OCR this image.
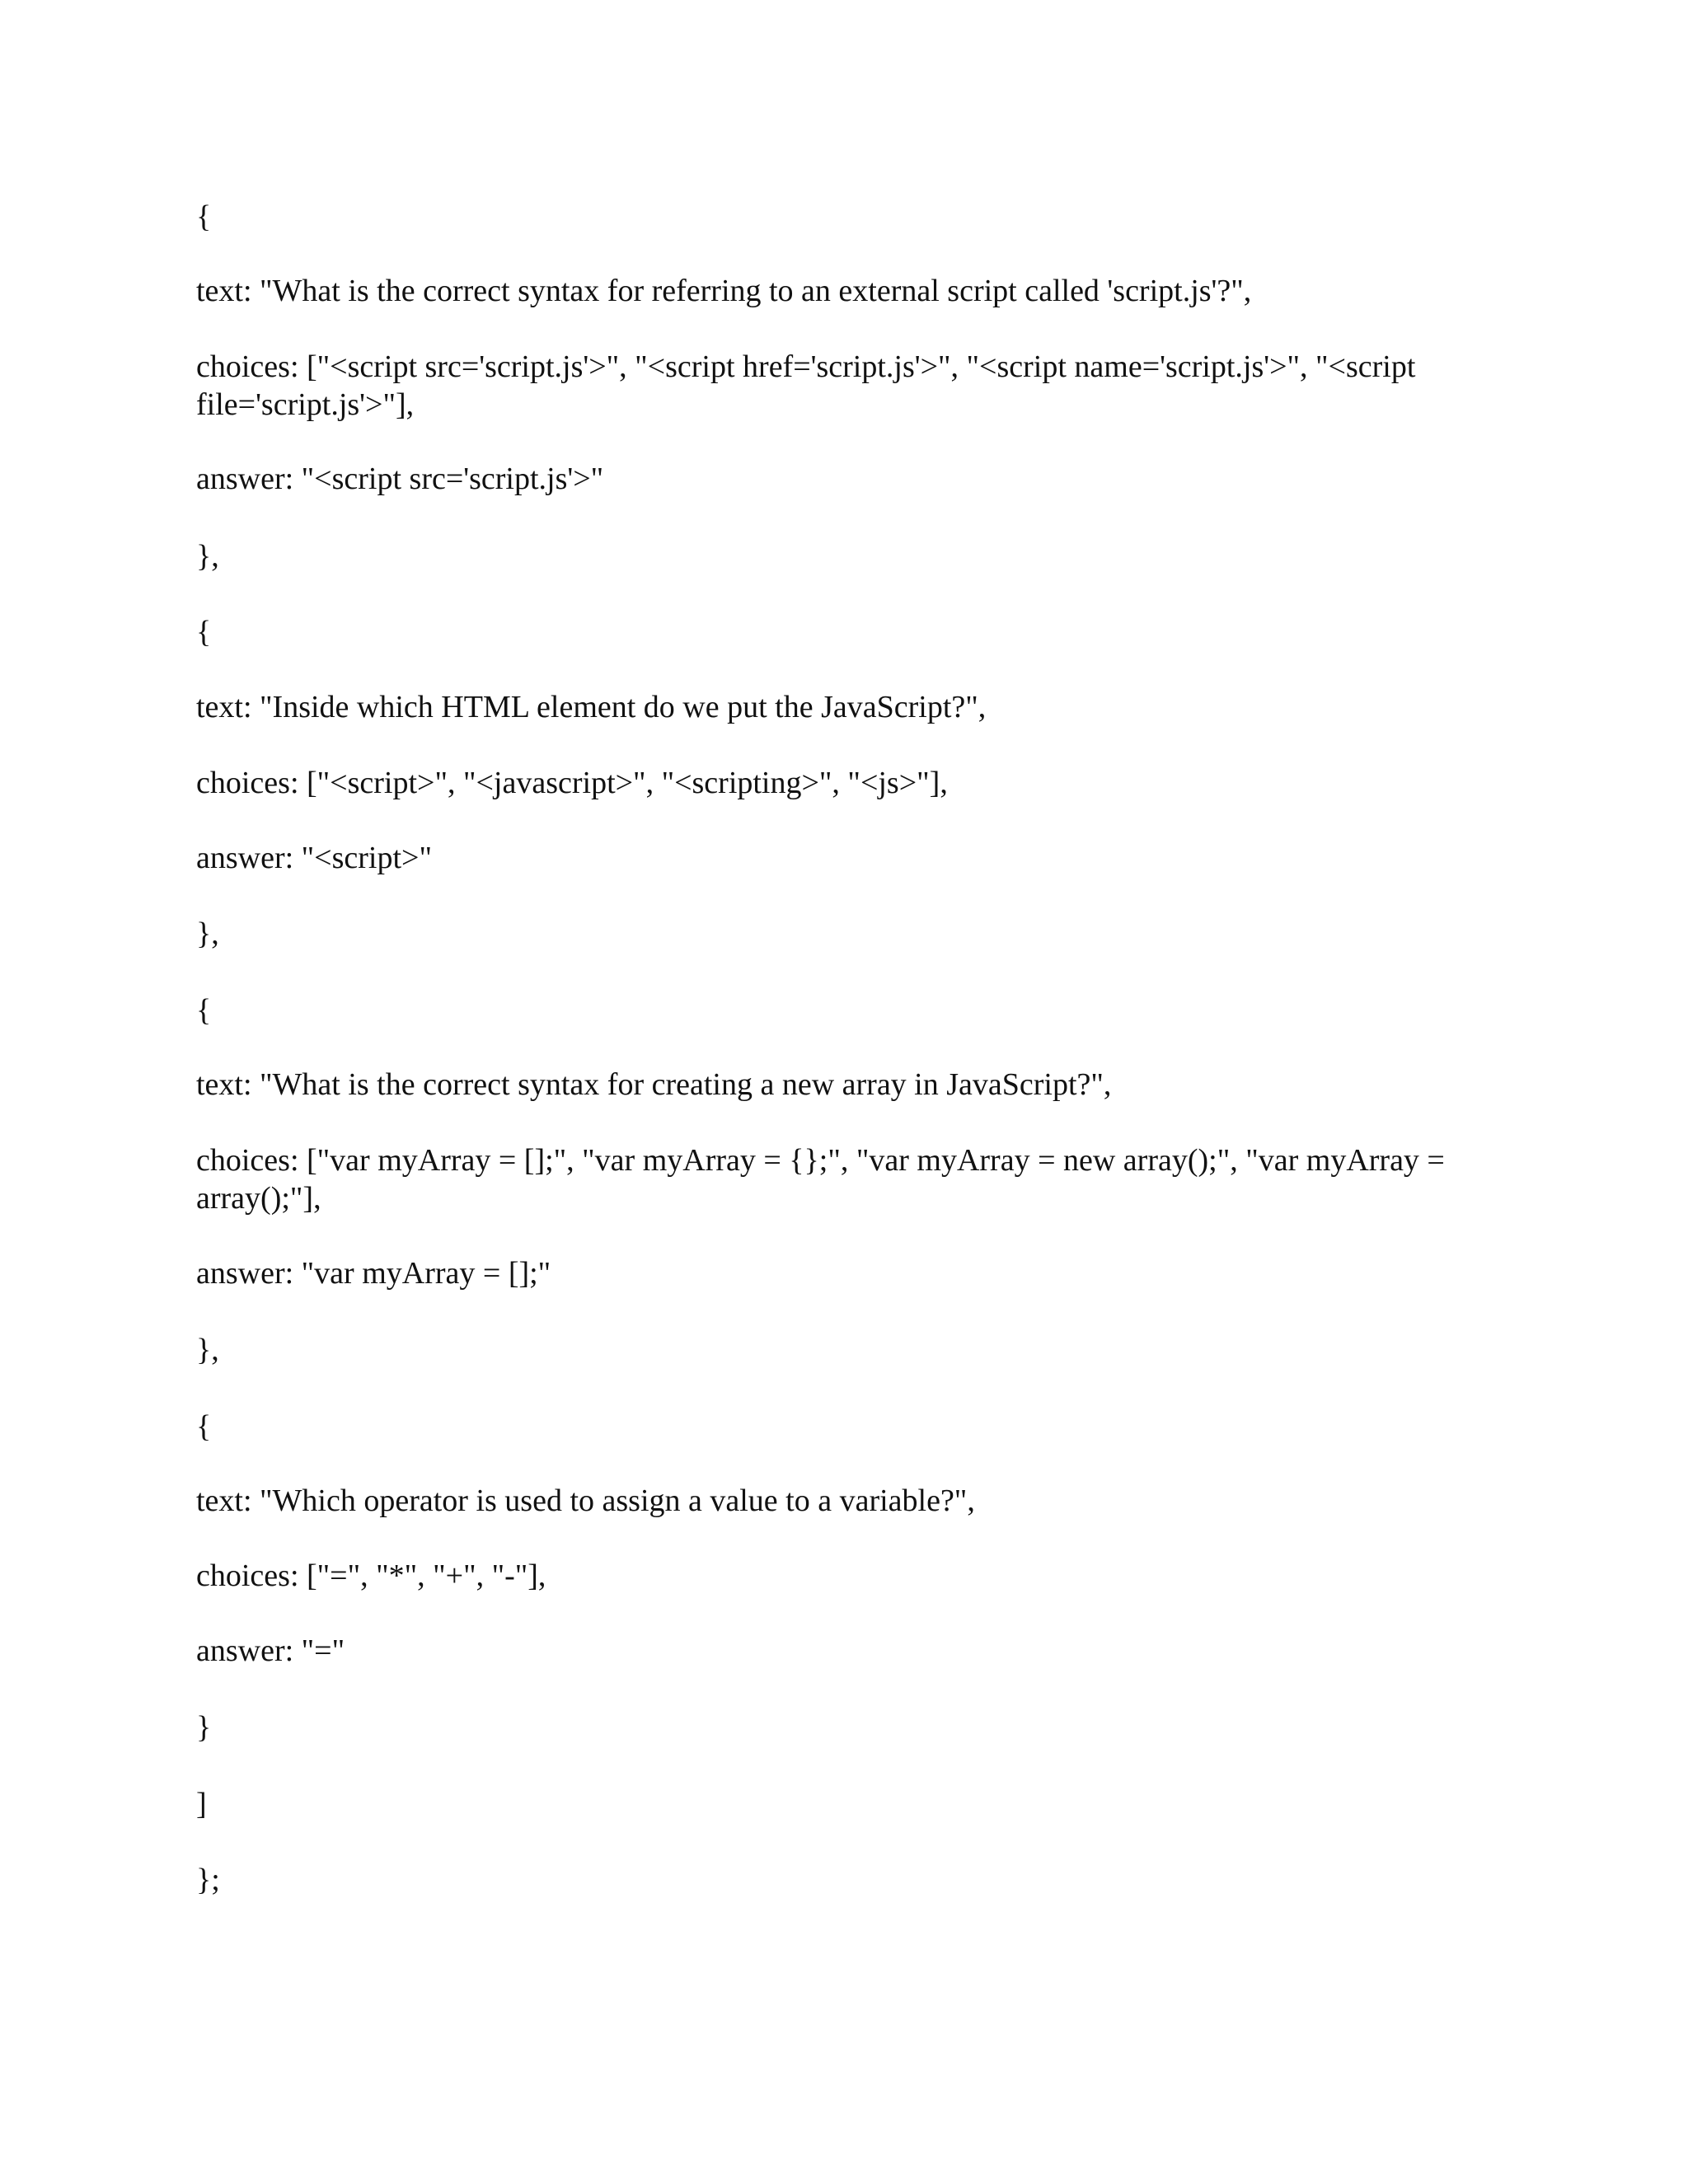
{
text: "What is the correct syntax for referring to an external script called 'script.js'?",
choices: ["<script src='script.js'>", "<script href='script.js'>", "<script name='script.js'>", "<script file='script.js'>"],
answer: "<script src='script.js'>"
},
{
text: "Inside which HTML element do we put the JavaScript?",
choices: ["<script>", "<javascript>", "<scripting>", "<js>"],
answer: "<script>"
},
{
text: "What is the correct syntax for creating a new array in JavaScript?",
choices: ["var myArray = [];", "var myArray = {};", "var myArray = new array();", "var myArray = array();"],
answer: "var myArray = [];"
},
{
text: "Which operator is used to assign a value to a variable?",
choices: ["=", "*", "+", "-"],
answer: "="
}
]
};
